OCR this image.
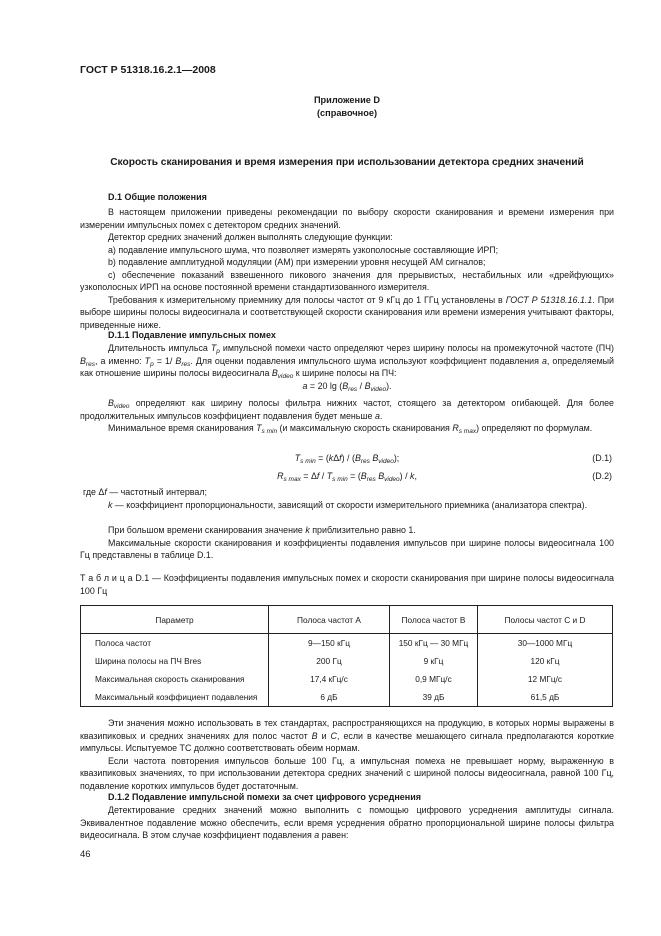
ГОСТ Р 51318.16.2.1—2008
Приложение D
(справочное)
Скорость сканирования и время измерения при использовании детектора средних значений
D.1 Общие положения
В настоящем приложении приведены рекомендации по выбору скорости сканирования и времени измерения при измерении импульсных помех с детектором средних значений.
Детектор средних значений должен выполнять следующие функции:
a) подавление импульсного шума, что позволяет измерять узкополосные составляющие ИРП;
b) подавление амплитудной модуляции (АМ) при измерении уровня несущей АМ сигналов;
c) обеспечение показаний взвешенного пикового значения для прерывистых, нестабильных или «дрейфующих» узкополосных ИРП на основе постоянной времени стандартизованного измерителя.
Требования к измерительному приемнику для полосы частот от 9 кГц до 1 ГГц установлены в ГОСТ Р 51318.16.1.1. При выборе ширины полосы видеосигнала и соответствующей скорости сканирования или времени измерения учитывают факторы, приведенные ниже.
D.1.1 Подавление импульсных помех
Длительность импульса $T_p$ импульсной помехи часто определяют через ширину полосы на промежуточной частоте (ПЧ) $B_{res}$, а именно: $T_p = 1/$ $B_{res}$. Для оценки подавления импульсного шума используют коэффициент подавления a, определяемый как отношение ширины полосы видеосигнала $B_{video}$ к ширине полосы на ПЧ:
a = 20 $\lg (B_{res} / B_{video})$.
$B_{video}$ определяют как ширину полосы фильтра нижних частот, стоящего за детектором огибающей. Для более продолжительных импульсов коэффициент подавления будет меньше a.
Минимальное время сканирования $T_{s min}$ (и максимальную скорость сканирования $R_{s max}$) определяют по формулам.
$T_{s min} = (k\Delta f) / (B_{res}$ $B_{video}$);	(D.1)
$R_{s max} = \Delta f / T_{s min} = (B_{res}$ $B_{video}$) / k,	(D.2)
где Δf — частотный интервал;
k — коэффициент пропорциональности, зависящий от скорости измерительного приемника (анализатора спектра).
При большом времени сканирования значение k приблизительно равно 1.
Максимальные скорости сканирования и коэффициенты подавления импульсов при ширине полосы видеосигнала 100 Гц представлены в таблице D.1.
Т а б л и ц а D.1 — Коэффициенты подавления импульсных помех и скорости сканирования при ширине полосы видеосигнала 100 Гц
Параметр	Полоса частот A	Полоса частот B	Полосы частот C и D
Полоса частот	9—150 кГц	150 кГц — 30 МГц	30—1000 МГц
Ширина полосы на ПЧ Bres	200 Гц	9 кГц	120 кГц
Максимальная скорость сканирования	17,4 кГц/с	0,9 МГц/с	12 МГц/с
Максимальный коэффициент подавления	6 дБ	39 дБ	61,5 дБ
Эти значения можно использовать в тех стандартах, распространяющихся на продукцию, в которых нормы выражены в квазипиковых и средних значениях для полос частот B и C, если в качестве мешающего сигнала предполагаются короткие импульсы. Испытуемое ТС должно соответствовать обеим нормам.
Если частота повторения импульсов больше 100 Гц, а импульсная помеха не превышает норму, выраженную в квазипиковых значениях, то при использовании детектора средних значений с шириной полосы видеосигнала, равной 100 Гц, подавление коротких импульсов будет достаточным.
D.1.2 Подавление импульсной помехи за счет цифрового усреднения
Детектирование средних значений можно выполнить с помощью цифрового усреднения амплитуды сигнала. Эквивалентное подавление можно обеспечить, если время усреднения обратно пропорциональной ширине полосы фильтра видеосигнала. В этом случае коэффициент подавления a равен:
46
